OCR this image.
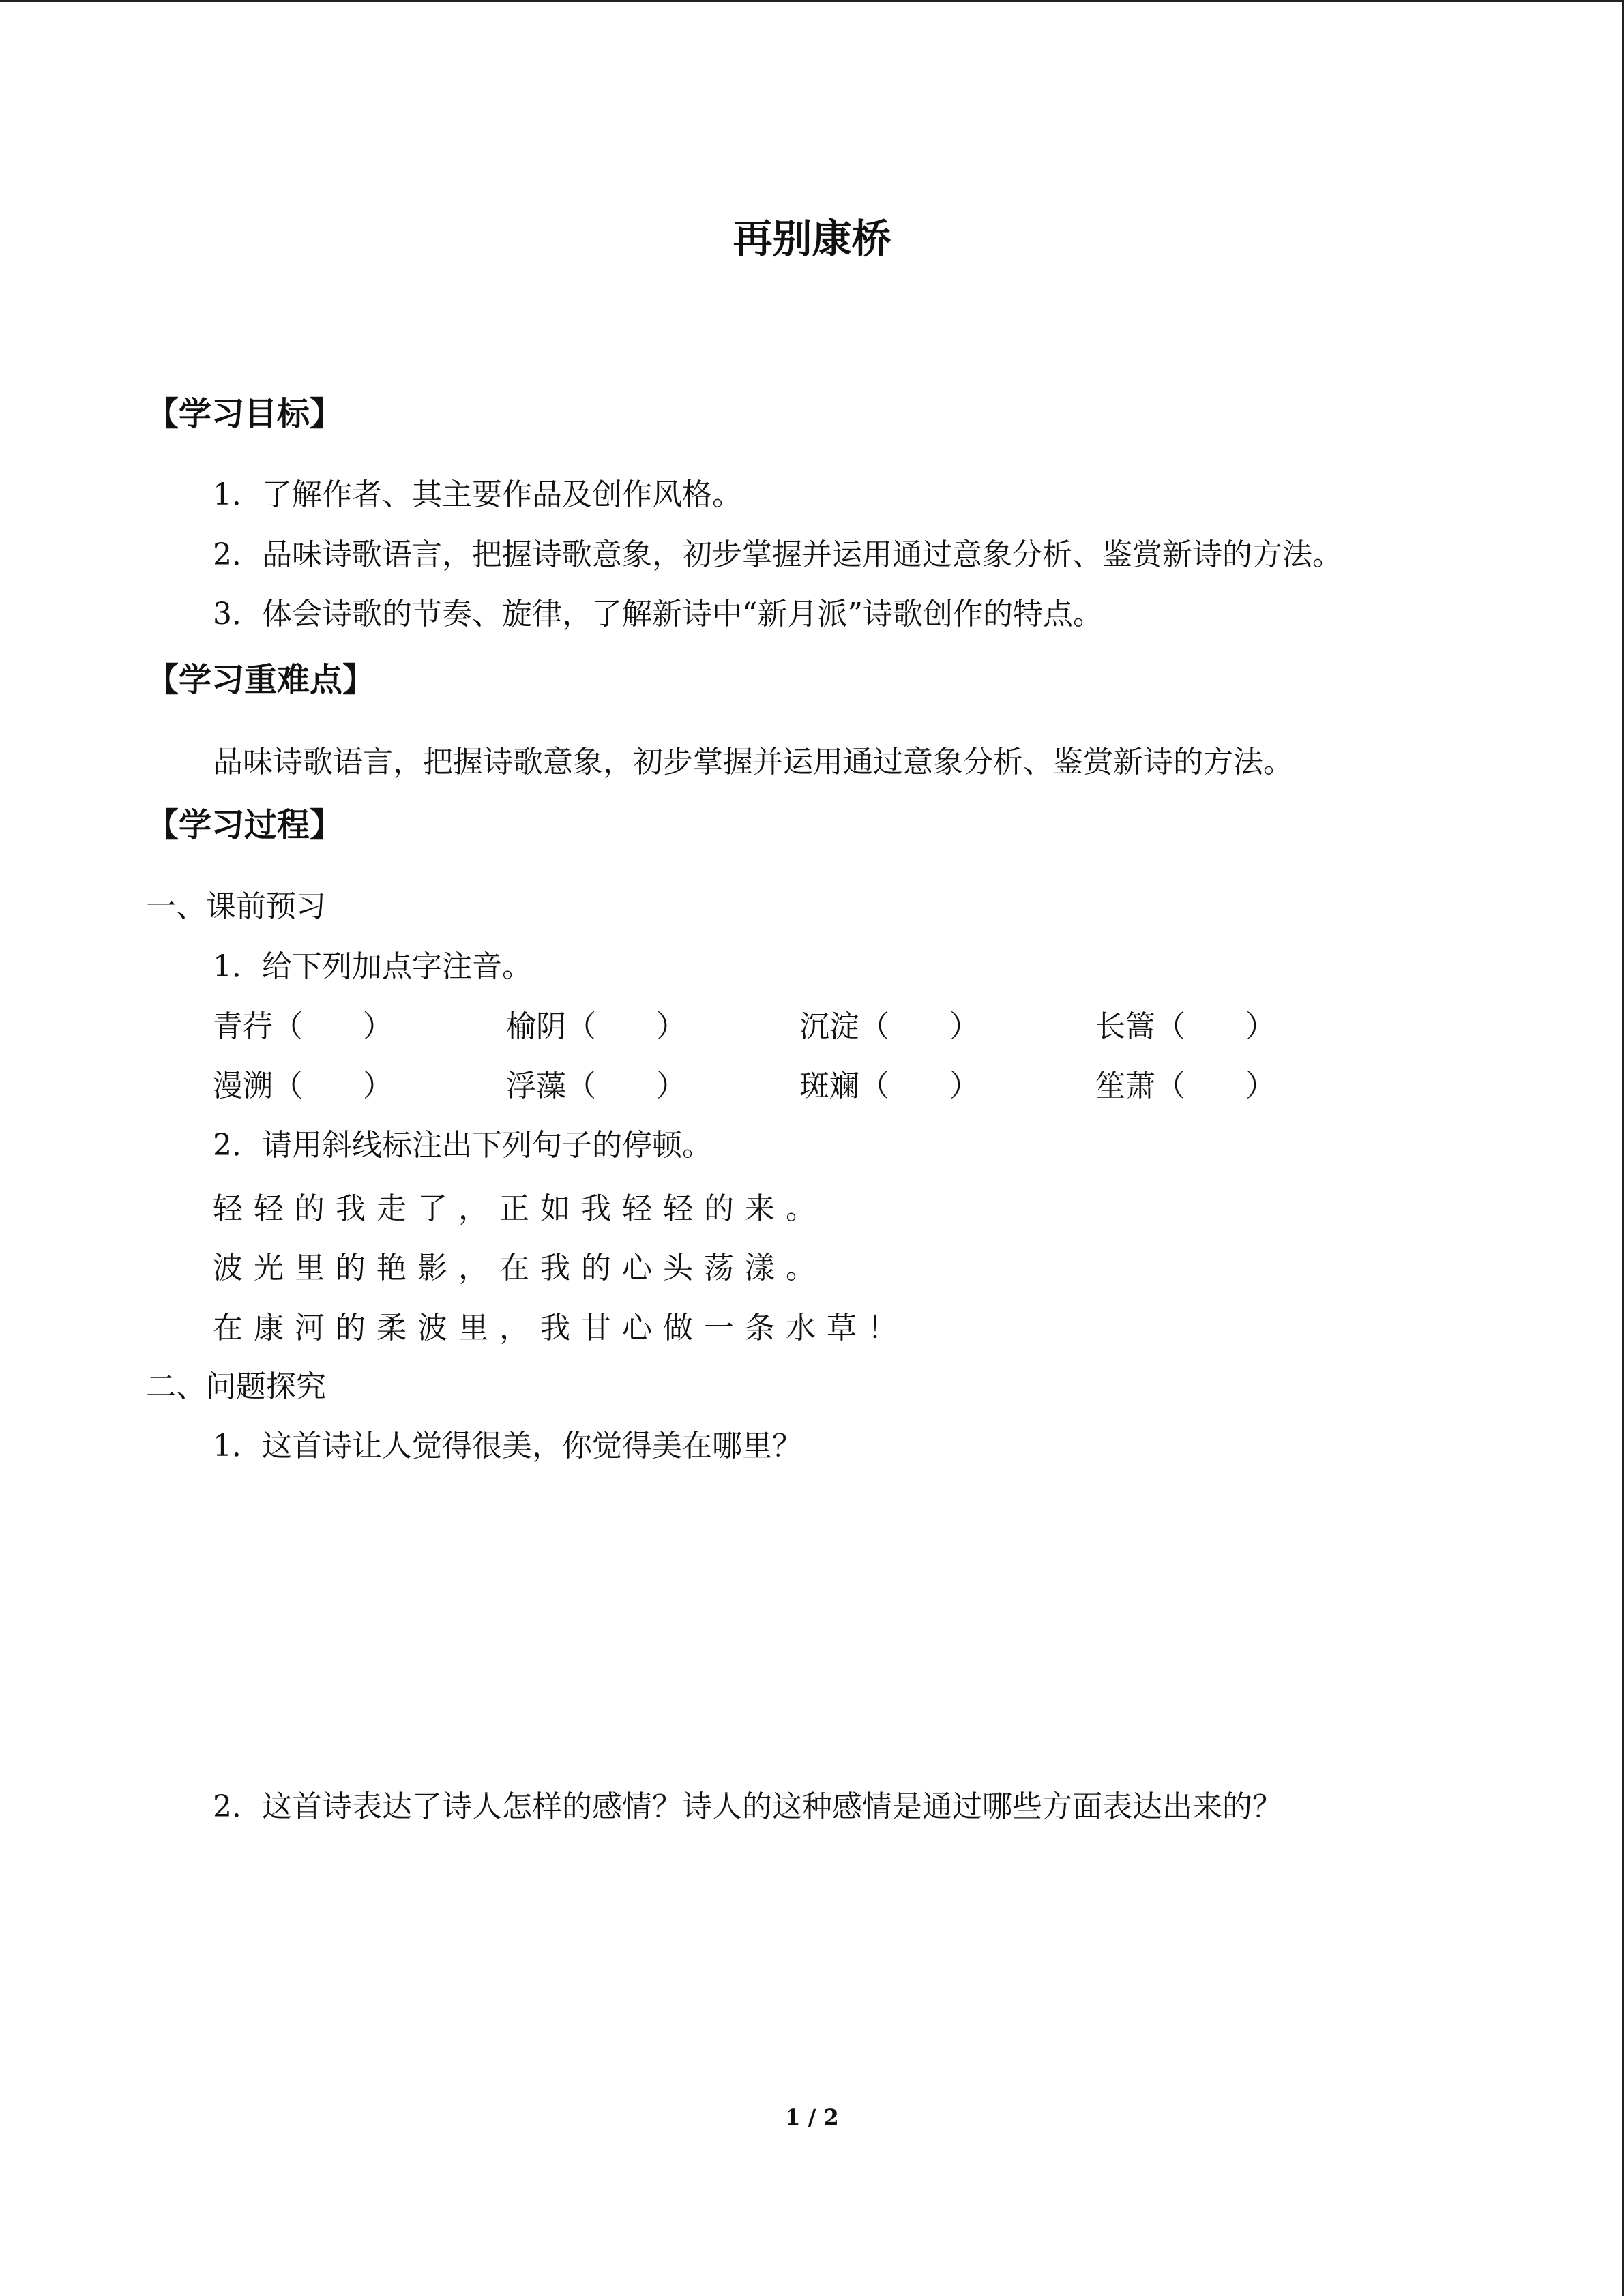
再别康桥
【学习目标】
1．了解作者、其主要作品及创作风格。
2．品味诗歌语言，把握诗歌意象，初步掌握并运用通过意象分析、鉴赏新诗的方法。
3．体会诗歌的节奏、旋律，了解新诗中“新月派”诗歌创作的特点。
【学习重难点】
品味诗歌语言，把握诗歌意象，初步掌握并运用通过意象分析、鉴赏新诗的方法。
【学习过程】
一、课前预习
1．给下列加点字注音。
青荇（　　）	榆阴（　　）	沉淀（　　）	长篙（　　）
漫溯（　　）	浮藻（　　）	斑斓（　　）	笙萧（　　）
2．请用斜线标注出下列句子的停顿。
轻轻的我走了，正如我轻轻的来。
波光里的艳影，在我的心头荡漾。
在康河的柔波里，我甘心做一条水草！
二、问题探究
1．这首诗让人觉得很美，你觉得美在哪里？
2．这首诗表达了诗人怎样的感情？诗人的这种感情是通过哪些方面表达出来的？
1 / 2
